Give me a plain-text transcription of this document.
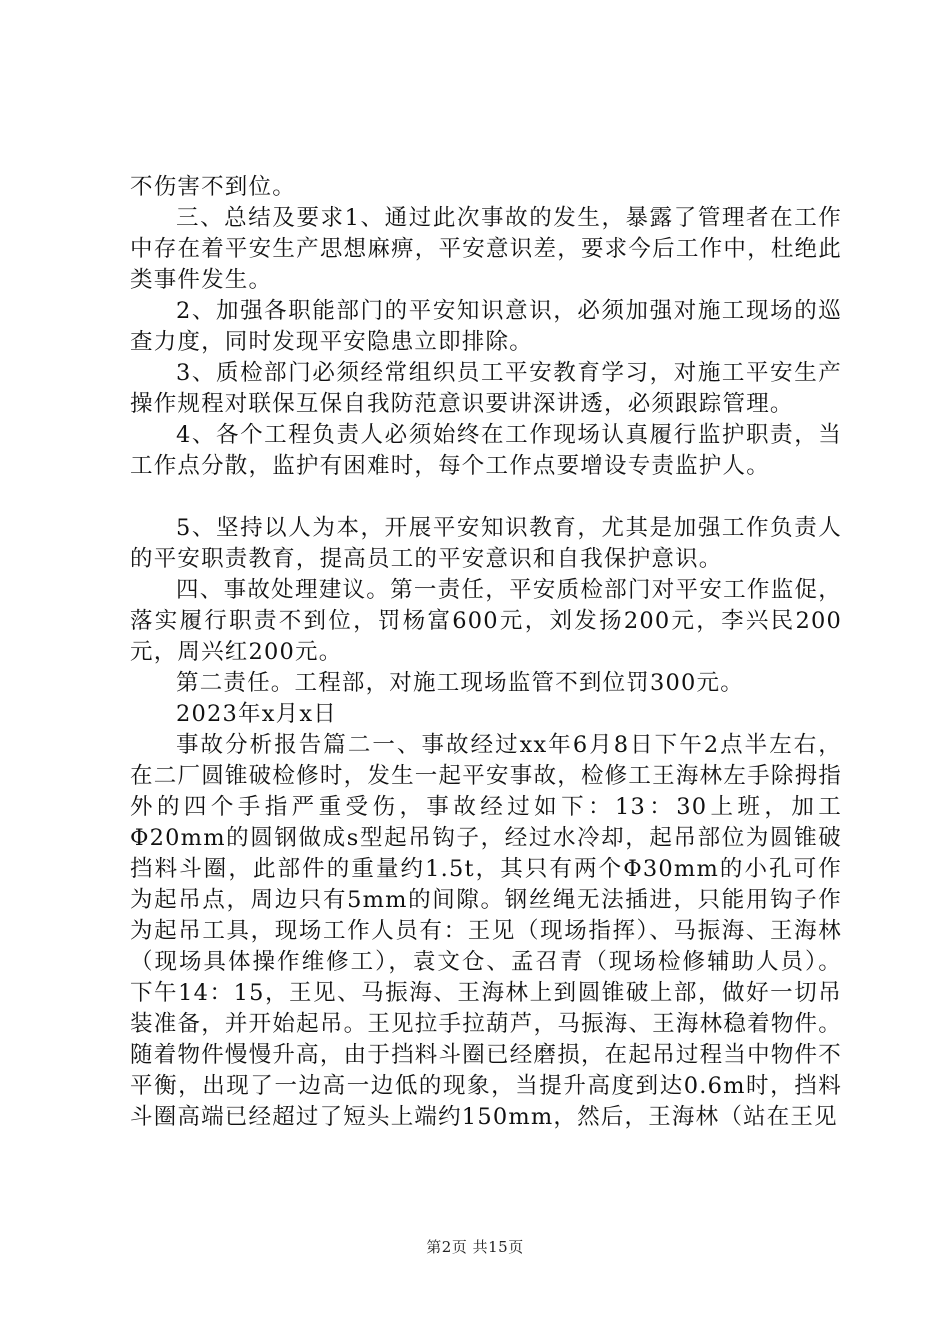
不伤害不到位。

三、总结及要求1、通过此次事故的发生，暴露了管理者在工作中存在着平安生产思想麻痹，平安意识差，要求今后工作中，杜绝此类事件发生。

2、加强各职能部门的平安知识意识，必须加强对施工现场的巡查力度，同时发现平安隐患立即排除。

3、质检部门必须经常组织员工平安教育学习，对施工平安生产操作规程对联保互保自我防范意识要讲深讲透，必须跟踪管理。

4、各个工程负责人必须始终在工作现场认真履行监护职责，当工作点分散，监护有困难时，每个工作点要增设专责监护人。

5、坚持以人为本，开展平安知识教育，尤其是加强工作负责人的平安职责教育，提高员工的平安意识和自我保护意识。

四、事故处理建议。第一责任，平安质检部门对平安工作监促，落实履行职责不到位，罚杨富600元，刘发扬200元，李兴民200元，周兴红200元。

第二责任。工程部，对施工现场监管不到位罚300元。

2023年x月x日

事故分析报告篇二一、事故经过xx年6月8日下午2点半左右，在二厂圆锥破检修时，发生一起平安事故，检修工王海林左手除拇指外的四个手指严重受伤，事故经过如下：13：30上班，加工Φ20mm的圆钢做成s型起吊钩子，经过水冷却，起吊部位为圆锥破挡料斗圈，此部件的重量约1.5t，其只有两个Φ30mm的小孔可作为起吊点，周边只有5mm的间隙。钢丝绳无法插进，只能用钩子作为起吊工具，现场工作人员有：王见（现场指挥）、马振海、王海林（现场具体操作维修工），袁文仓、孟召青（现场检修辅助人员）。下午14：15，王见、马振海、王海林上到圆锥破上部，做好一切吊装准备，并开始起吊。王见拉手拉葫芦，马振海、王海林稳着物件。随着物件慢慢升高，由于挡料斗圈已经磨损，在起吊过程当中物件不平衡，出现了一边高一边低的现象，当提升高度到达0.6m时，挡料斗圈高端已经超过了短头上端约150mm，然后，王海林（站在王见

第2页 共15页
